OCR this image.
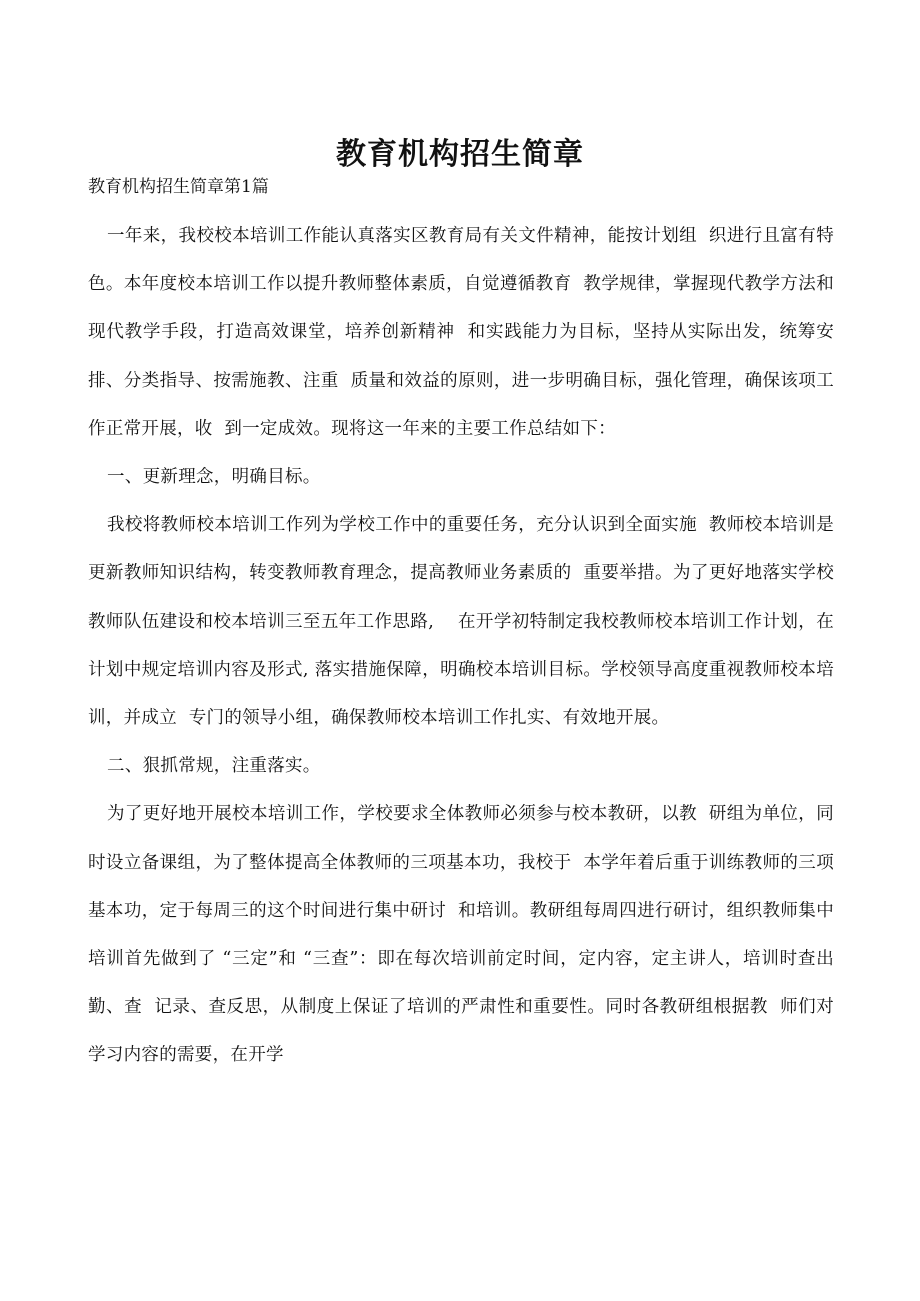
教育机构招生简章
教育机构招生简章第1篇

一年来，我校校本培训工作能认真落实区教育局有关文件精神，能按计划组  织进行且富有特色。本年度校本培训工作以提升教师整体素质，自觉遵循教育  教学规律，掌握现代教学方法和现代教学手段，打造高效课堂，培养创新精神  和实践能力为目标，坚持从实际出发，统筹安排、分类指导、按需施教、注重  质量和效益的原则，进一步明确目标，强化管理，确保该项工作正常开展，收  到一定成效。现将这一年来的主要工作总结如下：

一、更新理念，明确目标。

我校将教师校本培训工作列为学校工作中的重要任务，充分认识到全面实施  教师校本培训是更新教师知识结构，转变教师教育理念，提高教师业务素质的  重要举措。为了更好地落实学校教师队伍建设和校本培训三至五年工作思路,    在开学初特制定我校教师校本培训工作计划，在计划中规定培训内容及形式, 落实措施保障，明确校本培训目标。学校领导高度重视教师校本培训，并成立  专门的领导小组，确保教师校本培训工作扎实、有效地开展。

二、狠抓常规，注重落实。

为了更好地开展校本培训工作，学校要求全体教师必须参与校本教研，以教  研组为单位，同时设立备课组，为了整体提高全体教师的三项基本功，我校于  本学年着后重于训练教师的三项基本功，定于每周三的这个时间进行集中研讨  和培训。教研组每周四进行研讨，组织教师集中培训首先做到了 “三定”和 “三查”：即在每次培训前定时间，定内容，定主讲人，培训时查出勤、查  记录、查反思，从制度上保证了培训的严肃性和重要性。同时各教研组根据教  师们对学习内容的需要，在开学
